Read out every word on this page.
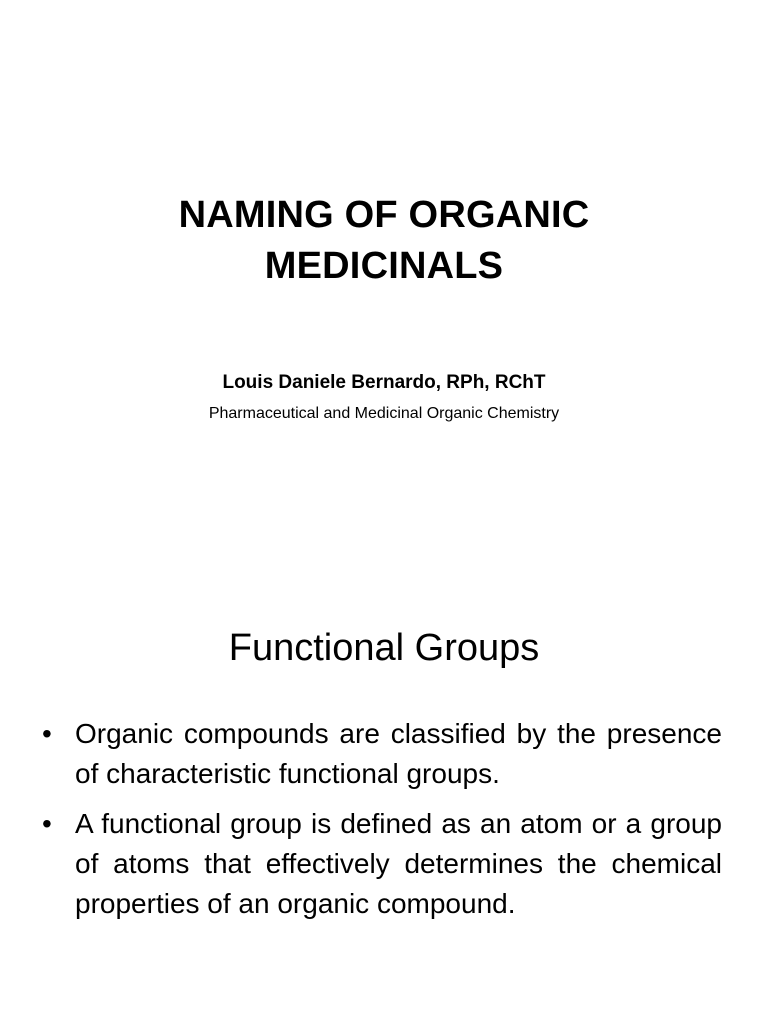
NAMING OF ORGANIC
MEDICINALS
Louis Daniele Bernardo, RPh, RChT
Pharmaceutical and Medicinal Organic Chemistry
Functional Groups
• Organic compounds are classified by the presence of characteristic functional groups.
• A functional group is defined as an atom or a group of atoms that effectively determines the chemical properties of an organic compound.
